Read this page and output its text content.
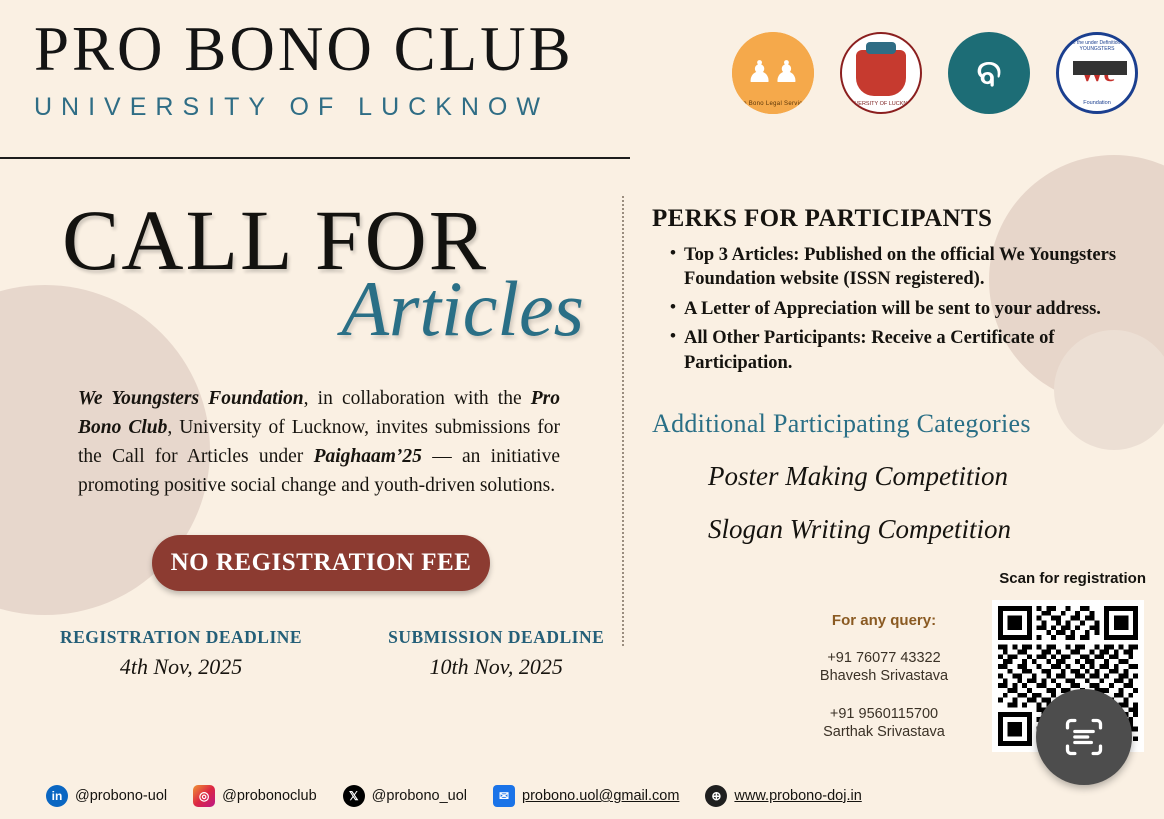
PRO BONO CLUB
UNIVERSITY OF LUCKNOW
♟♟
Pro Bono Legal Services	UNIVERSITY OF LUCKNOW
ବ
We the under Definition of YOUNGSTERS
Foundation
CALL FOR
Articles
We Youngsters Foundation, in collaboration with the Pro Bono Club, University of Lucknow, invites submissions for the Call for Articles under Paighaam’25 — an initiative promoting positive social change and youth-driven solutions.
NO REGISTRATION FEE
REGISTRATION DEADLINE
4th Nov, 2025
SUBMISSION DEADLINE
10th Nov, 2025
PERKS FOR PARTICIPANTS
• Top 3 Articles: Published on the official We Youngsters Foundation website (ISSN registered).
• A Letter of Appreciation will be sent to your address.
• All Other Participants: Receive a Certificate of Participation.
Additional Participating Categories
Poster Making Competition
Slogan Writing Competition
Scan for registration
For any query:
+91 76077 43322
Bhavesh Srivastava
+91 9560115700
Sarthak Srivastava
in @probono-uol	◎ @probonoclub	𝕏 @probono_uol	✉ probono.uol@gmail.com	⊕ www.probono-doj.in
